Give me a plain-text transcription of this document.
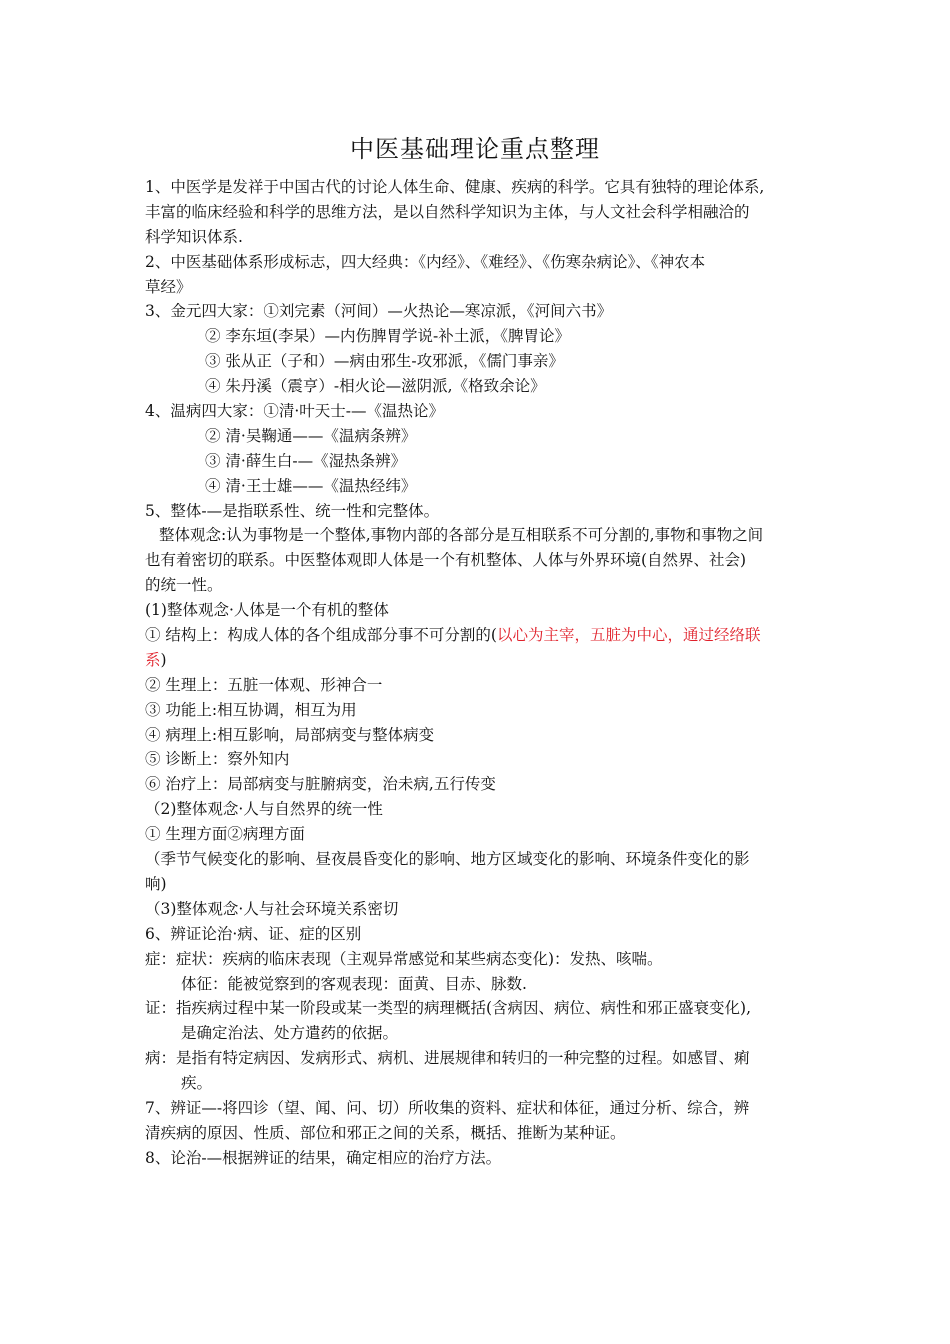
中医基础理论重点整理
1、中医学是发祥于中国古代的讨论人体生命、健康、疾病的科学。它具有独特的理论体系,
丰富的临床经验和科学的思维方法，是以自然科学知识为主体，与人文社会科学相融洽的
科学知识体系.
2、中医基础体系形成标志，四大经典：《内经》、《难经》、《伤寒杂病论》、《神农本
草经》
3、金元四大家：①刘完素（河间）—火热论—寒凉派，《河间六书》
② 李东垣(李杲）—内伤脾胃学说-补土派，《脾胃论》
③ 张从正（子和）—病由邪生-攻邪派，《儒门事亲》
④ 朱丹溪（震亨）-相火论—滋阴派,《格致余论》
4、温病四大家：①清·叶天士-—《温热论》
② 清·吴鞠通——《温病条辨》
③ 清·薛生白-—《湿热条辨》
④ 清·王士雄——《温热经纬》
5、整体-—是指联系性、统一性和完整体。
整体观念:认为事物是一个整体,事物内部的各部分是互相联系不可分割的,事物和事物之间
也有着密切的联系。中医整体观即人体是一个有机整体、人体与外界环境(自然界、社会)
的统一性。
(1)整体观念·人体是一个有机的整体
① 结构上：构成人体的各个组成部分事不可分割的(以心为主宰，五脏为中心，通过经络联
系)
② 生理上：五脏一体观、形神合一
③ 功能上:相互协调，相互为用
④ 病理上:相互影响，局部病变与整体病变
⑤ 诊断上：察外知内
⑥ 治疗上：局部病变与脏腑病变，治未病,五行传变
（2)整体观念·人与自然界的统一性
① 生理方面②病理方面
（季节气候变化的影响、昼夜晨昏变化的影响、地方区域变化的影响、环境条件变化的影
响)
（3)整体观念·人与社会环境关系密切
6、辨证论治·病、证、症的区别
症：症状：疾病的临床表现（主观异常感觉和某些病态变化)：发热、咳喘。
体征：能被觉察到的客观表现：面黄、目赤、脉数.
证：指疾病过程中某一阶段或某一类型的病理概括(含病因、病位、病性和邪正盛衰变化),
是确定治法、处方遣药的依据。
病：是指有特定病因、发病形式、病机、进展规律和转归的一种完整的过程。如感冒、痢
疾。
7、辨证—-将四诊（望、闻、问、切）所收集的资料、症状和体征，通过分析、综合，辨
清疾病的原因、性质、部位和邪正之间的关系，概括、推断为某种证。
8、论治-—根据辨证的结果，确定相应的治疗方法。
